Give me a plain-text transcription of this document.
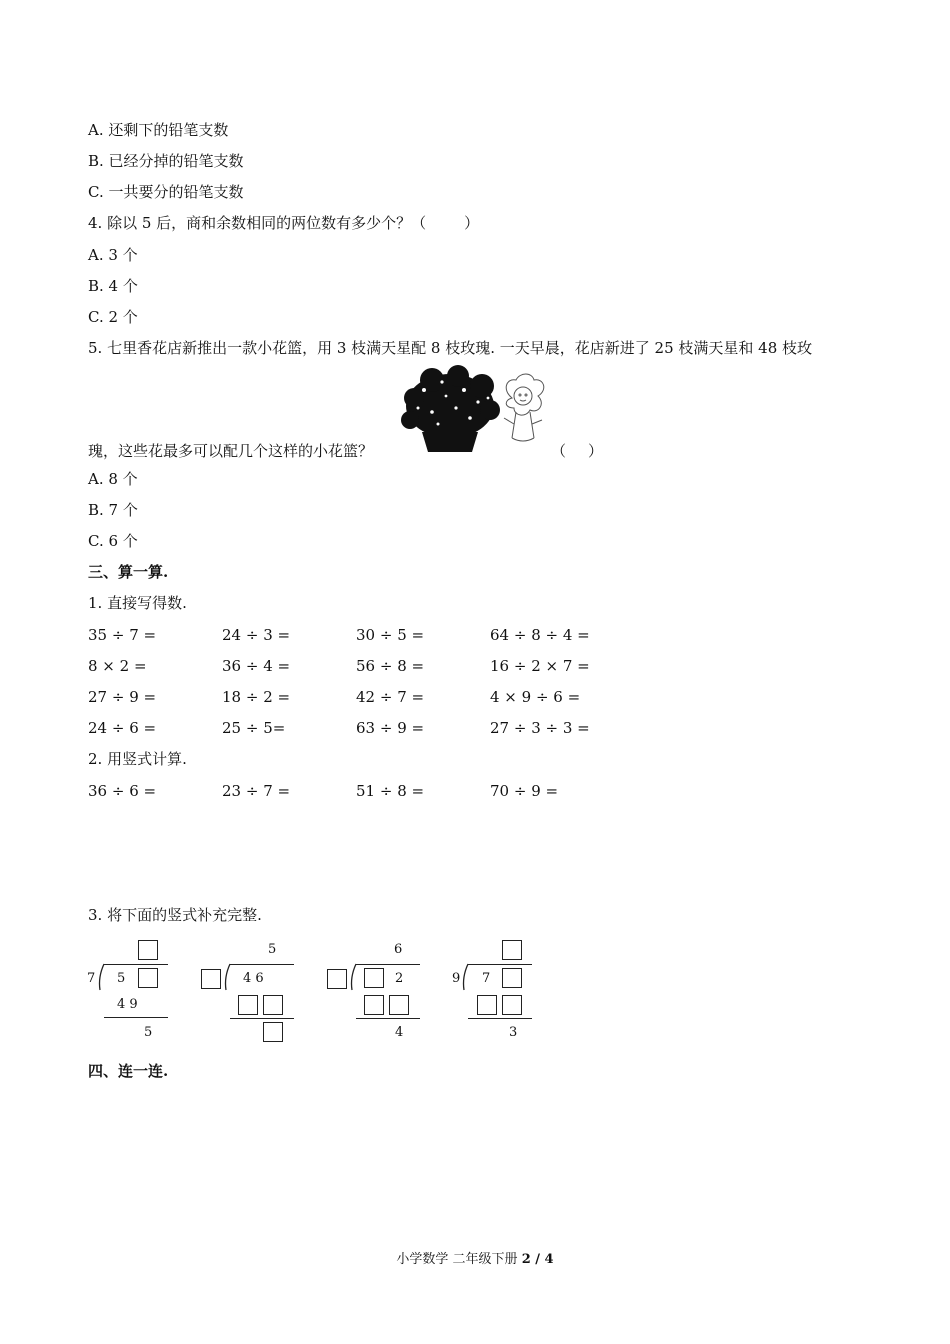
A. 还剩下的铅笔支数
B. 已经分掉的铅笔支数
C. 一共要分的铅笔支数
4. 除以 5 后，商和余数相同的两位数有多少个？（	）
A. 3 个
B. 4 个
C. 2 个
5. 七里香花店新推出一款小花篮，用 3 枝满天星配 8 枝玫瑰. 一天早晨，花店新进了 25 枝满天星和 48 枝玫
瑰，这些花最多可以配几个这样的小花篮？	（ ）
A. 8 个
B. 7 个
C. 6 个
三、算一算.
1. 直接写得数.
35 ÷ 7 =	24 ÷ 3 =	30 ÷ 5 =	64 ÷ 8 ÷ 4 =
8 × 2 =	36 ÷ 4 =	56 ÷ 8 =	16 ÷ 2 × 7 =
27 ÷ 9 =	18 ÷ 2 =	42 ÷ 7 =	4 × 9 ÷ 6 =
24 ÷ 6 =	25 ÷ 5=	63 ÷ 9 =	27 ÷ 3 ÷ 3 =
2. 用竖式计算.
36 ÷ 6 =	23 ÷ 7 =	51 ÷ 8 =	70 ÷ 9 =
3. 将下面的竖式补充完整.
7 5
4 9
5
5
4 6
6
2
4
9 7
3
四、连一连.
小学数学 二年级下册 2 / 4
